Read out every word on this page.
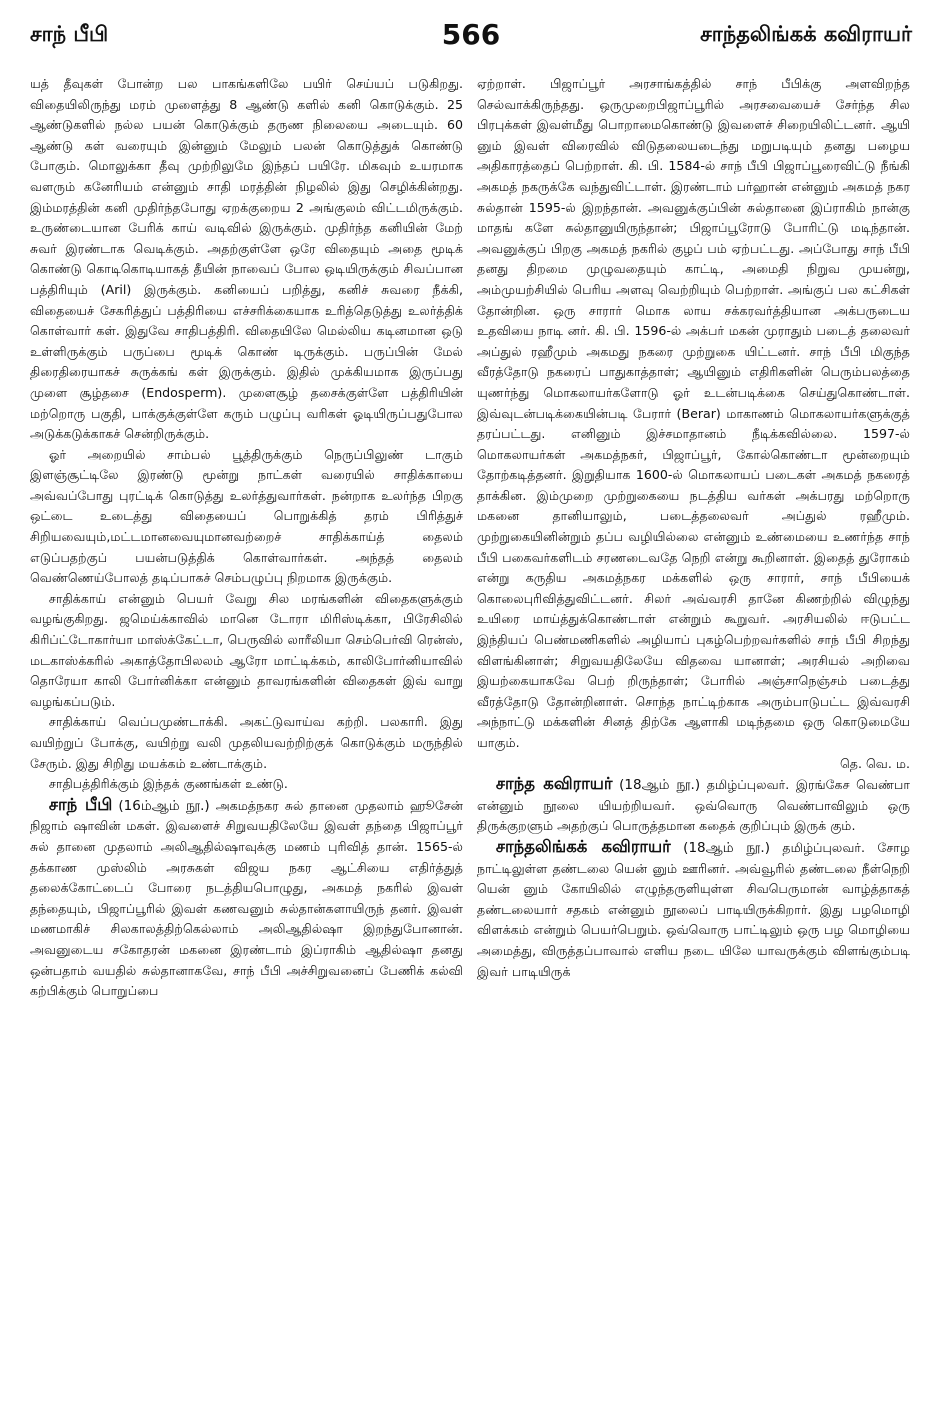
சாந் பீபி	566	சாந்தலிங்கக் கவிராயர்

யத் தீவுகள் போன்ற பல பாகங்களிலே பயிர் செய்யப் படுகிறது. விதையிலிருந்து மரம் முளைத்து 8 ஆண்டு களில் கனி கொடுக்கும். 25 ஆண்டுகளில் நல்ல பயன் கொடுக்கும் தருண நிலையை அடையும். 60 ஆண்டு கள் வரையும் இன்னும் மேலும் பலன் கொடுத்துக் கொண்டு போகும். மொலுக்கா தீவு முற்றிலுமே இந்தப் பயிரே. மிகவும் உயரமாக வளரும் கனேரியம் என்னும் சாதி மரத்தின் நிழலில் இது செழிக்கின்றது. இம்மரத்தின் கனி முதிர்ந்தபோது ஏறக்குறைய 2 அங்குலம் விட்டமிருக்கும். உருண்டையான பேரிக் காய் வடிவில் இருக்கும். முதிர்ந்த கனியின் மேற் சுவர் இரண்டாக வெடிக்கும். அதற்குள்ளே ஒரே விதையும் அதை மூடிக் கொண்டு கொடிகொடியாகத் தீயின் நாவைப் போல ஒடியிருக்கும் சிவப்பான பத்திரியும் (Aril) இருக்கும். கனியைப் பறித்து, கனிச் சுவரை நீக்கி, விதையைச் சேகரித்துப் பத்திரியை எச்சரிக்கையாக உரித்தெடுத்து உலர்த்திக் கொள்வார் கள். இதுவே சாதிபத்திரி. விதையிலே மெல்லிய கடினமான ஒடு உள்ளிருக்கும் பருப்பை மூடிக் கொண் டிருக்கும். பருப்பின் மேல் திரைதிரையாகச் சுருக்கங் கள் இருக்கும். இதில் முக்கியமாக இருப்பது முளை சூழ்தசை (Endosperm). முளைசூழ் தசைக்குள்ளே பத்திரியின் மற்றொரு பகுதி, பாக்குக்குள்ளே கரும் பழுப்பு வரிகள் ஓடியிருப்பதுபோல அடுக்கடுக்காகச் சென்றிருக்கும்.

ஓர் அறையில் சாம்பல் பூத்திருக்கும் நெருப்பிலுண் டாகும் இளஞ்சூட்டிலே இரண்டு மூன்று நாட்கள் வரையில் சாதிக்காயை அவ்வப்போது புரட்டிக் கொடுத்து உலர்த்துவார்கள். நன்றாக உலர்ந்த பிறகு ஒட்டை உடைத்து விதையைப் பொறுக்கித் தரம் பிரித்துச் சிறியவையும்,மட்டமானவையுமானவற்றைச் சாதிக்காய்த் தைலம் எடுப்பதற்குப் பயன்படுத்திக் கொள்வார்கள். அந்தத் தைலம் வெண்ணெய்போலத் தடிப்பாகச் செம்பழுப்பு நிறமாக இருக்கும்.

சாதிக்காய் என்னும் பெயர் வேறு சில மரங்களின் விதைகளுக்கும் வழங்குகிறது. ஜமெய்க்காவில் மானெ டோரா மிரிஸ்டிக்கா, பிரேசிலில் கிரிப்ட்டோகார்யா மாஸ்க்கேட்டா, பெருவில் லாரீலியா செம்பெர்வி ரென்ஸ், மடகாஸ்க்கரில் அகாத்தோபிலலம் ஆரோ மாட்டிக்கம், காலிபோர்னியாவில் தொரேயா காலி போர்னிக்கா என்னும் தாவரங்களின் விதைகள் இவ் வாறு வழங்கப்படும்.

சாதிக்காய் வெப்பமுண்டாக்கி. அகட்டுவாய்வ கற்றி. பலகாரி. இது வயிற்றுப் போக்கு, வயிற்று வலி முதலியவற்றிற்குக் கொடுக்கும் மருந்தில் சேரும். இது சிறிது மயக்கம் உண்டாக்கும்.

சாதிபத்திரிக்கும் இந்தக் குணங்கள் உண்டு.

சாந் பீபி (16ம்ஆம் நூ.) அகமத்நகர சுல் தானை முதலாம் ஹூசேன் நிஜாம் ஷாவின் மகள். இவளைச் சிறுவயதிலேயே இவள் தந்தை பிஜாப்பூர் சுல் தானை முதலாம் அலிஆதில்ஷாவுக்கு மணம் புரிவித் தான். 1565-ல் தக்காண முஸ்லிம் அரசுகள் விஜய நகர ஆட்சியை எதிர்த்துத் தலைக்கோட்டைப் போரை நடத்தியபொழுது, அகமத் நகரில் இவள் தந்தையும், பிஜாப்பூரில் இவள் கணவனும் சுல்தான்களாயிருந் தனர். இவள் மணமாகிச் சிலகாலத்திற்கெல்லாம் அலிஆதில்ஷா இறந்துபோனான். அவனுடைய சகோதரன் மகனை இரண்டாம் இப்ராகிம் ஆதில்ஷா தனது ஒன்பதாம் வயதில் சுல்தானாகவே, சாந் பீபி அச்சிறுவனைப் பேணிக் கல்வி கற்பிக்கும் பொறுப்பை

ஏற்றாள். பிஜாப்பூர் அரசாங்கத்தில் சாந் பீபிக்கு அளவிறந்த செல்வாக்கிருந்தது. ஒருமுறைபிஜாப்பூரில் அரசவையைச் சேர்ந்த சில பிரபுக்கள் இவள்மீது பொறாமைகொண்டு இவளைச் சிறையிலிட்டனர். ஆயி னும் இவள் விரைவில் விடுதலையடைந்து மறுபடியும் தனது பழைய அதிகாரத்தைப் பெற்றாள். கி. பி. 1584-ல் சாந் பீபி பிஜாப்பூரைவிட்டு நீங்கி அகமத் நகருக்கே வந்துவிட்டாள். இரண்டாம் பர்ஹான் என்னும் அகமத் நகர சுல்தான் 1595-ல் இறந்தான். அவனுக்குப்பின் சுல்தானை இப்ராகிம் நான்கு மாதங் களே சுல்தானுயிருந்தான்; பிஜாப்பூரோடு போரிட்டு மடிந்தான். அவனுக்குப் பிறகு அகமத் நகரில் குழப் பம் ஏற்பட்டது. அப்போது சாந் பீபி தனது திறமை முழுவதையும் காட்டி, அமைதி நிறுவ முயன்று, அம்முயற்சியில் பெரிய அளவு வெற்றியும் பெற்றாள். அங்குப் பல கட்சிகள் தோன்றின. ஒரு சாரார் மொக லாய சக்கரவர்த்தியான அக்பருடைய உதவியை நாடி னர். கி. பி. 1596-ல் அக்பர் மகன் முராதும் படைத் தலைவர் அப்துல் ரஹீமும் அகமது நகரை முற்றுகை யிட்டனர். சாந் பீபி மிகுந்த வீரத்தோடு நகரைப் பாதுகாத்தாள்; ஆயினும் எதிரிகளின் பெரும்பலத்தை யுணர்ந்து மொகலாயர்களோடு ஓர் உடன்படிக்கை செய்துகொண்டாள். இவ்வுடன்படிக்கையின்படி பேரார் (Berar) மாகாணம் மொகலாயர்களுக்குத் தரப்பட்டது. எனினும் இச்சமாதானம் நீடிக்கவில்லை. 1597-ல் மொகலாயர்கள் அகமத்நகர், பிஜாப்பூர், கோல்கொண்டா மூன்றையும் தோற்கடித்தனர். இறுதியாக 1600-ல் மொகலாயப் படைகள் அகமத் நகரைத் தாக்கின. இம்முறை முற்றுகையை நடத்திய வர்கள் அக்பரது மற்றொரு மகனை தானியாலும், படைத்தலைவர் அப்துல் ரஹீமும். முற்றுகையினின்றும் தப்ப வழியில்லை என்னும் உண்மையை உணர்ந்த சாந் பீபி பகைவர்களிடம் சரணடைவதே நெறி என்று கூறினாள். இதைத் துரோகம் என்று கருதிய அகமத்நகர மக்களில் ஒரு சாரார், சாந் பீபியைக் கொலைபுரிவித்துவிட்டனர். சிலர் அவ்வரசி தானே கிணற்றில் விழுந்து உயிரை மாய்த்துக்கொண்டாள் என்றும் கூறுவர். அரசியலில் ஈடுபட்ட இந்தியப் பெண்மணிகளில் அழியாப் புகழ்பெற்றவர்களில் சாந் பீபி சிறந்து விளங்கினாள்; சிறுவயதிலேயே விதவை யானாள்; அரசியல் அறிவை இயற்கையாகவே பெற் றிருந்தாள்; போரில் அஞ்சாநெஞ்சம் படைத்து வீரத்தோடு தோன்றினாள். சொந்த நாட்டிற்காக அரும்பாடுபட்ட இவ்வரசி அந்நாட்டு மக்களின் சினத் திற்கே ஆளாகி மடிந்தமை ஒரு கொடுமையே யாகும்.

தெ. வெ. ம.

சாந்த கவிராயர் (18ஆம் நூ.) தமிழ்ப்புலவர். இரங்கேச வெண்பா என்னும் நூலை யியற்றியவர். ஒவ்வொரு வெண்பாவிலும் ஒரு திருக்குறளும் அதற்குப் பொருத்தமான கதைக் குறிப்பும் இருக் கும்.

சாந்தலிங்கக் கவிராயர் (18ஆம் நூ.) தமிழ்ப்புலவர். சோழ நாட்டிலுள்ள தண்டலை யென் னும் ஊரினர். அவ்வூரில் தண்டலை நீள்நெறி யென் னும் கோயிலில் எழுந்தருளியுள்ள சிவபெருமான் வாழ்த்தாகத் தண்டலையார் சதகம் என்னும் நூலைப் பாடியிருக்கிறார். இது பழமொழி விளக்கம் என்றும் பெயர்பெறும். ஒவ்வொரு பாட்டிலும் ஒரு பழ மொழியை அமைத்து, விருத்தப்பாவால் எளிய நடை யிலே யாவருக்கும் விளங்கும்படி இவர் பாடியிருக்
